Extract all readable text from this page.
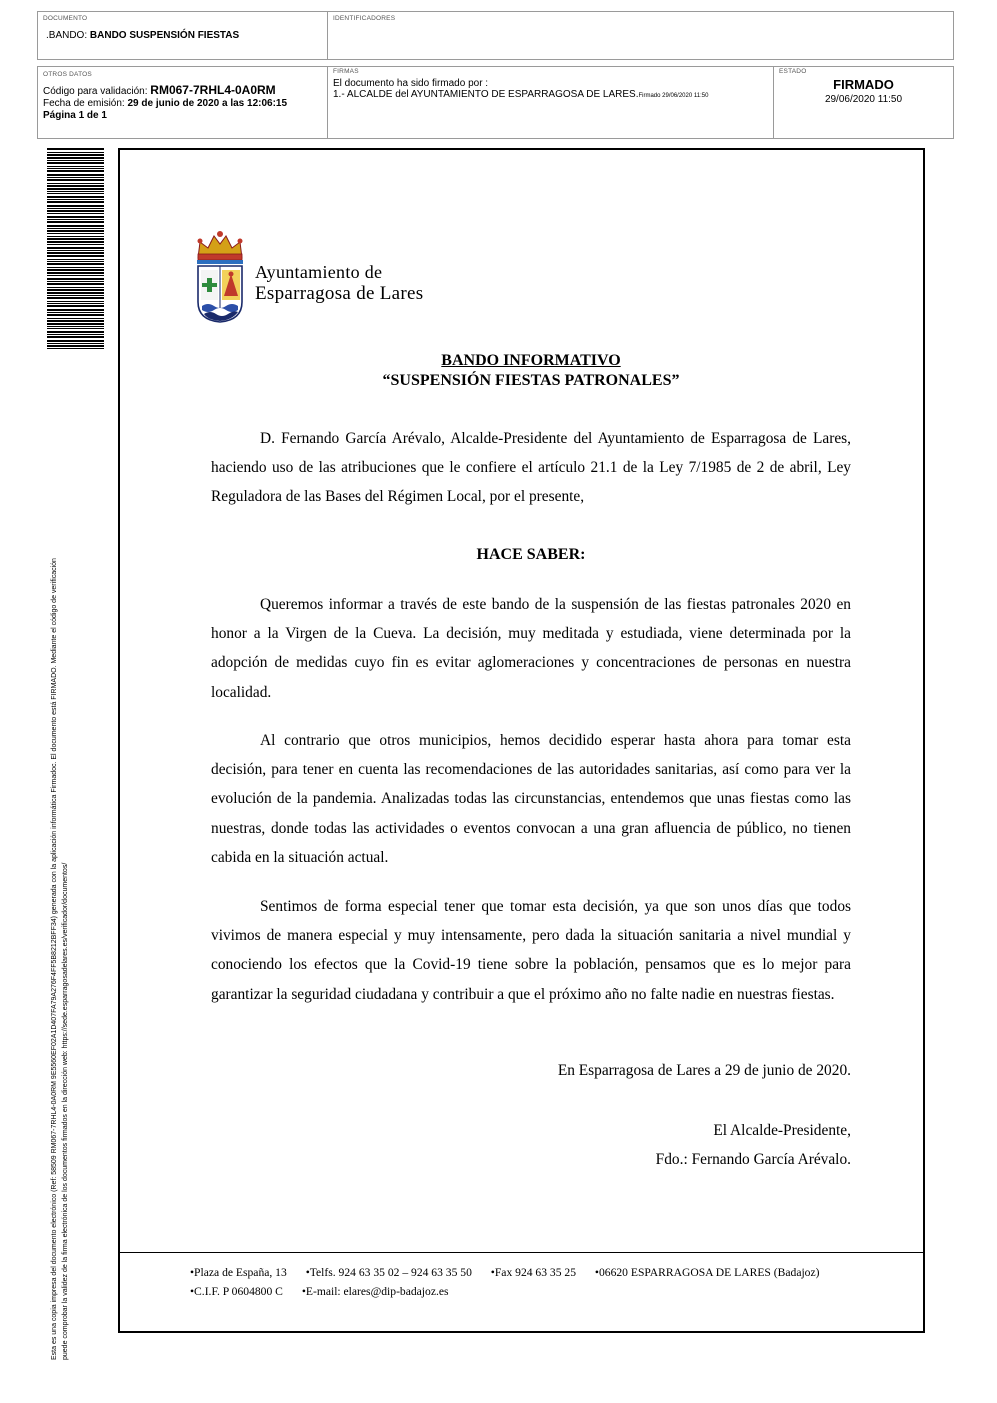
DOCUMENTO
.BANDO: BANDO SUSPENSIÓN FIESTAS
IDENTIFICADORES
OTROS DATOS
Código para validación: RM067-7RHL4-0A0RM
Fecha de emisión: 29 de junio de 2020 a las 12:06:15
Página 1 de 1
FIRMAS
El documento ha sido firmado por :
1.- ALCALDE del AYUNTAMIENTO DE ESPARRAGOSA DE LARES.Firmado 29/06/2020 11:50
ESTADO
FIRMADO
29/06/2020 11:50
Esta es una copia impresa del documento electrónico (Ref: 58509 RM067-7RHL4-0A0RM 9E5560EF02A1D407FA79A276F4FF5B8212BFF34) generada con la aplicación informática Firmadoc. El documento está FIRMADO. Mediante el código de verificación puede comprobar la validez de la firma electrónica de los documentos firmados en la dirección web: https://sede.esparragosadelares.es/verificador/documentos/
Ayuntamiento de
Esparragosa de Lares
BANDO INFORMATIVO
“SUSPENSIÓN FIESTAS PATRONALES”

D. Fernando García Arévalo, Alcalde-Presidente del Ayuntamiento de Esparragosa de Lares, haciendo uso de las atribuciones que le confiere el artículo 21.1 de la Ley 7/1985 de 2 de abril, Ley Reguladora de las Bases del Régimen Local, por el presente,

HACE SABER:

Queremos informar a través de este bando de la suspensión de las fiestas patronales 2020 en honor a la Virgen de la Cueva. La decisión, muy meditada y estudiada, viene determinada por la adopción de medidas cuyo fin es evitar aglomeraciones y concentraciones de personas en nuestra localidad.

Al contrario que otros municipios, hemos decidido esperar hasta ahora para tomar esta decisión, para tener en cuenta las recomendaciones de las autoridades sanitarias, así como para ver la evolución de la pandemia. Analizadas todas las circunstancias, entendemos que unas fiestas como las nuestras, donde todas las actividades o eventos convocan a una gran afluencia de público, no tienen cabida en la situación actual.

Sentimos de forma especial tener que tomar esta decisión, ya que son unos días que todos vivimos de manera especial y muy intensamente, pero dada la situación sanitaria a nivel mundial y conociendo los efectos que la Covid-19 tiene sobre la población, pensamos que es lo mejor para garantizar la seguridad ciudadana y contribuir a que el próximo año no falte nadie en nuestras fiestas.

En Esparragosa de Lares a 29 de junio de 2020.
El Alcalde-Presidente,
Fdo.: Fernando García Arévalo.
•Plaza de España, 13 •Telfs. 924 63 35 02 – 924 63 35 50 •Fax 924 63 35 25 •06620 ESPARRAGOSA DE LARES (Badajoz)
•C.I.F. P 0604800 C •E-mail: elares@dip-badajoz.es
